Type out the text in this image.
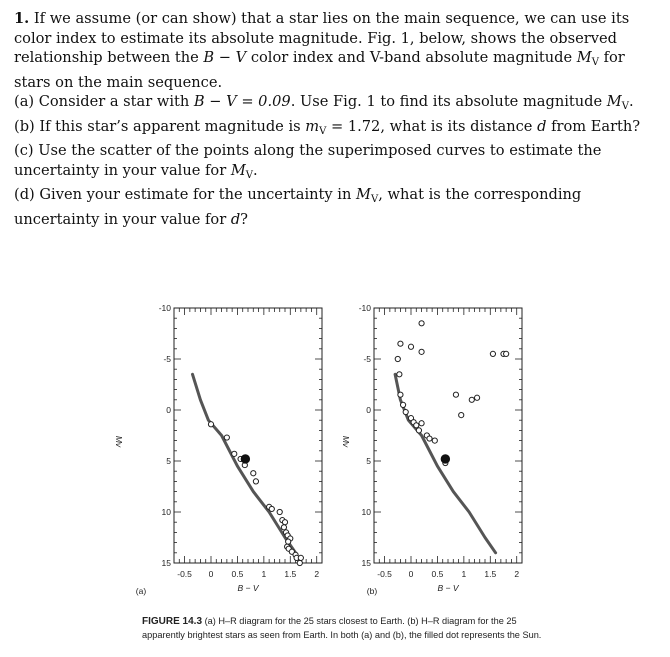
1. If we assume (or can show) that a star lies on the main sequence, we can use its color index to estimate its absolute magnitude. Fig. 1, below, shows the observed relationship between the B − V color index and V-band absolute magnitude $M_V$ for stars on the main sequence.

(a) Consider a star with B − V = 0.09. Use Fig. 1 to find its absolute magnitude $M_V$.

(b) If this star’s apparent magnitude is $m_V = 1.72$, what is its distance d from Earth?

(c) Use the scatter of the points along the superimposed curves to estimate the uncertainty in your value for $M_V$.

(d) Given your estimate for the uncertainty in $M_V$, what is the corresponding uncertainty in your value for d?

-0.5 0 0.5 1 1.5 2
-10
-5
0
5
10
15
B − V
Mv
(a)
-0.5 0 0.5 1 1.5 2
-10
-5
0
5
10
15
B − V
Mv
(b)
FIGURE 14.3 (a) H–R diagram for the 25 stars closest to Earth. (b) H–R diagram for the 25 apparently brightest stars as seen from Earth. In both (a) and (b), the filled dot represents the Sun.
